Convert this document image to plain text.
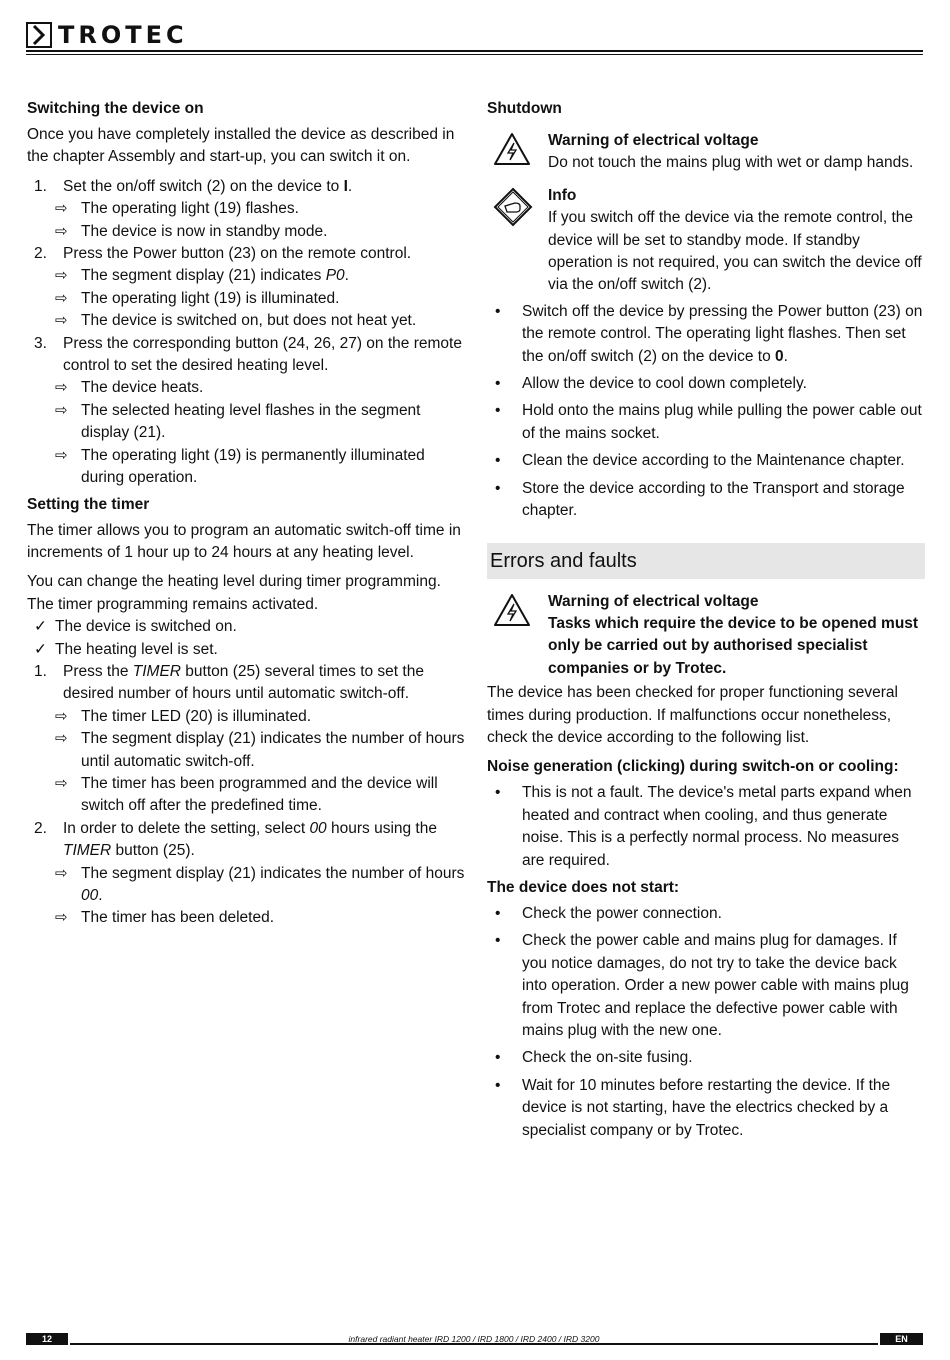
TROTEC
Switching the device on

Once you have completely installed the device as described in the chapter Assembly and start-up, you can switch it on.

1. Set the on/off switch (2) on the device to I.
⇨ The operating light (19) flashes.
⇨ The device is now in standby mode.
2. Press the Power button (23) on the remote control.
⇨ The segment display (21) indicates P0.
⇨ The operating light (19) is illuminated.
⇨ The device is switched on, but does not heat yet.
3. Press the corresponding button (24, 26, 27) on the remote control to set the desired heating level.
⇨ The device heats.
⇨ The selected heating level flashes in the segment display (21).
⇨ The operating light (19) is permanently illuminated during operation.
Setting the timer

The timer allows you to program an automatic switch-off time in increments of 1 hour up to 24 hours at any heating level.

You can change the heating level during timer programming. The timer programming remains activated.

✓ The device is switched on.
✓ The heating level is set.
1. Press the TIMER button (25) several times to set the desired number of hours until automatic switch-off.
⇨ The timer LED (20) is illuminated.
⇨ The segment display (21) indicates the number of hours until automatic switch-off.
⇨ The timer has been programmed and the device will switch off after the predefined time.
2. In order to delete the setting, select 00 hours using the TIMER button (25).
⇨ The segment display (21) indicates the number of hours 00.
⇨ The timer has been deleted.
Shutdown
Warning of electrical voltage
Do not touch the mains plug with wet or damp hands.
Info
If you switch off the device via the remote control, the device will be set to standby mode. If standby operation is not required, you can switch the device off via the on/off switch (2).
• Switch off the device by pressing the Power button (23) on the remote control. The operating light flashes. Then set the on/off switch (2) on the device to 0.
• Allow the device to cool down completely.
• Hold onto the mains plug while pulling the power cable out of the mains socket.
• Clean the device according to the Maintenance chapter.
• Store the device according to the Transport and storage chapter.
Errors and faults
Warning of electrical voltage
Tasks which require the device to be opened must only be carried out by authorised specialist companies or by Trotec.

The device has been checked for proper functioning several times during production. If malfunctions occur nonetheless, check the device according to the following list.

Noise generation (clicking) during switch-on or cooling:
• This is not a fault. The device's metal parts expand when heated and contract when cooling, and thus generate noise. This is a perfectly normal process. No measures are required.
The device does not start:
• Check the power connection.
• Check the power cable and mains plug for damages. If you notice damages, do not try to take the device back into operation. Order a new power cable with mains plug from Trotec and replace the defective power cable with mains plug with the new one.
• Check the on-site fusing.
• Wait for 10 minutes before restarting the device. If the device is not starting, have the electrics checked by a specialist company or by Trotec.
12	infrared radiant heater IRD 1200 / IRD 1800 / IRD 2400 / IRD 3200	EN
